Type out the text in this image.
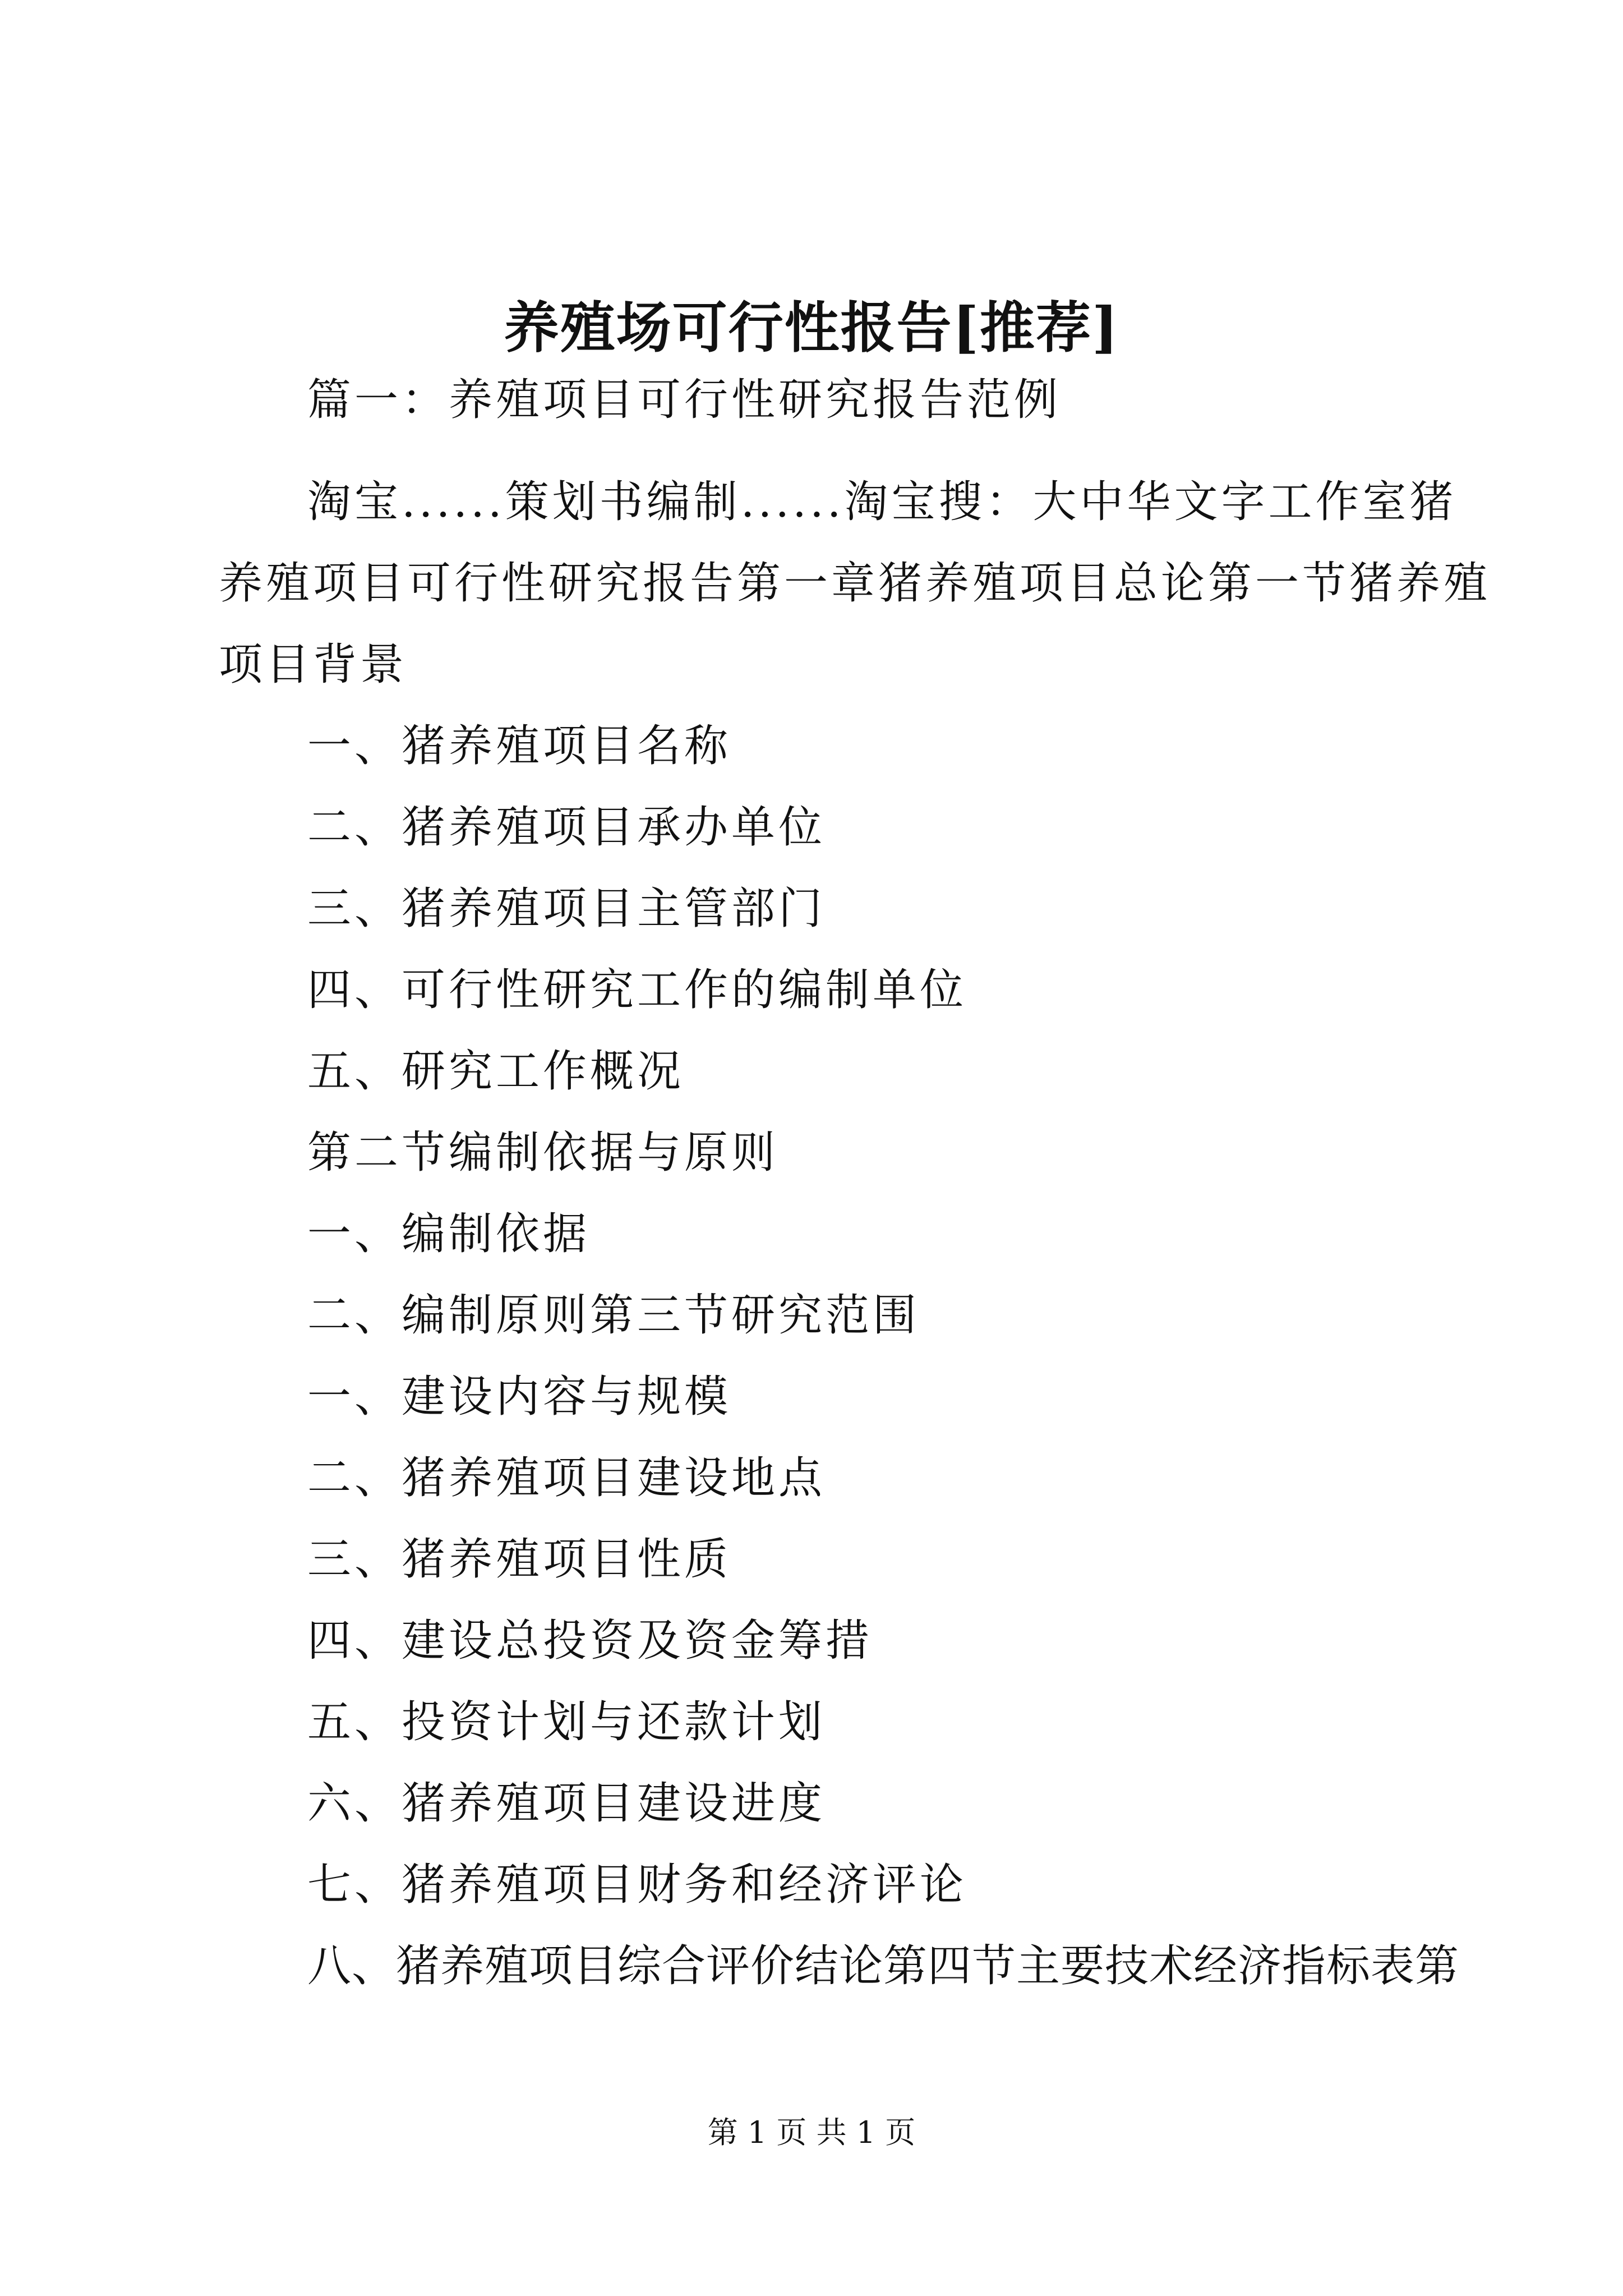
养殖场可行性报告[推荐]
篇一：养殖项目可行性研究报告范例
淘宝......策划书编制......淘宝搜：大中华文字工作室猪
养殖项目可行性研究报告第一章猪养殖项目总论第一节猪养殖
项目背景
一、猪养殖项目名称
二、猪养殖项目承办单位
三、猪养殖项目主管部门
四、可行性研究工作的编制单位
五、研究工作概况
第二节编制依据与原则
一、编制依据
二、编制原则第三节研究范围
一、建设内容与规模
二、猪养殖项目建设地点
三、猪养殖项目性质
四、建设总投资及资金筹措
五、投资计划与还款计划
六、猪养殖项目建设进度
七、猪养殖项目财务和经济评论
八、猪养殖项目综合评价结论第四节主要技术经济指标表第
第 1 页 共 1 页
